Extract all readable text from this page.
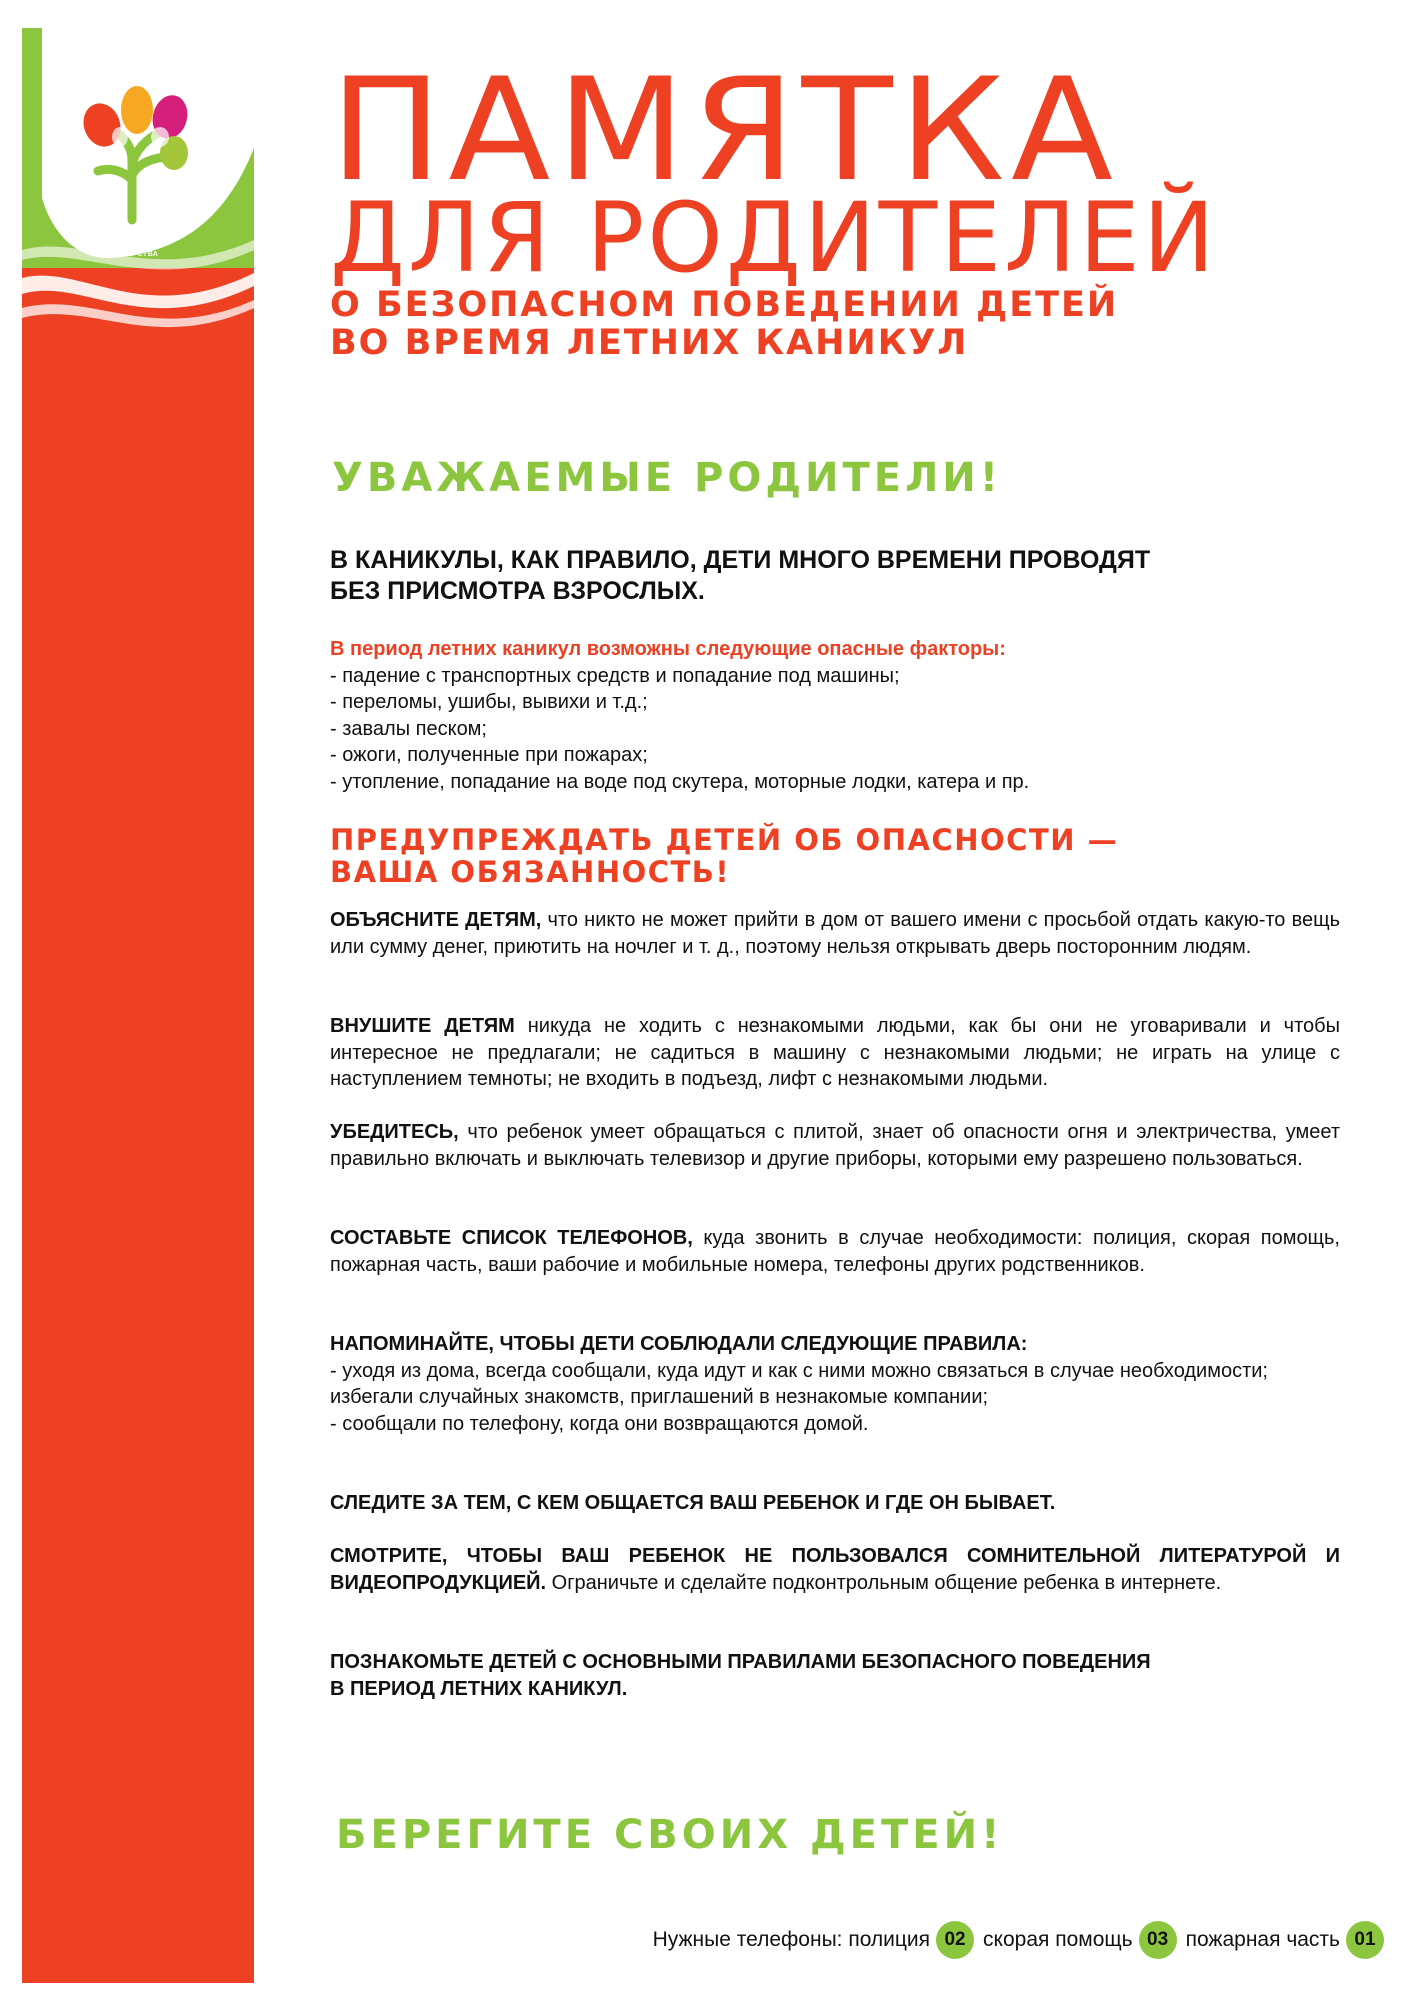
ЦЕНТР
СЕМЕЙНОГО
МАСТЕРСТВА
ПАМЯТКА
ДЛЯ РОДИТЕЛЕЙ
О БЕЗОПАСНОМ ПОВЕДЕНИИ ДЕТЕЙ
ВО ВРЕМЯ ЛЕТНИХ КАНИКУЛ
УВАЖАЕМЫЕ РОДИТЕЛИ!
В КАНИКУЛЫ, КАК ПРАВИЛО, ДЕТИ МНОГО ВРЕМЕНИ ПРОВОДЯТ
БЕЗ ПРИСМОТРА ВЗРОСЛЫХ.
В период летних каникул возможны следующие опасные факторы:
- падение с транспортных средств и попадание под машины;
- переломы, ушибы, вывихи и т.д.;
- завалы песком;
- ожоги, полученные при пожарах;
- утопление, попадание на воде под скутера, моторные лодки, катера и пр.
ПРЕДУПРЕЖДАТЬ ДЕТЕЙ ОБ ОПАСНОСТИ —
ВАША ОБЯЗАННОСТЬ!
ОБЪЯСНИТЕ ДЕТЯМ, что никто не может прийти в дом от вашего имени с просьбой отдать какую-то вещь или сумму денег, приютить на ночлег и т. д., поэтому нельзя открывать дверь посторонним людям.
ВНУШИТЕ ДЕТЯМ никуда не ходить с незнакомыми людьми, как бы они не уговаривали и чтобы интересное не предлагали; не садиться в машину с незнакомыми людьми; не играть на улице с наступлением темноты; не входить в подъезд, лифт с незнакомыми людьми.
УБЕДИТЕСЬ, что ребенок умеет обращаться с плитой, знает об опасности огня и электричества, умеет правильно включать и выключать телевизор и другие приборы, которыми ему разрешено пользоваться.
СОСТАВЬТЕ СПИСОК ТЕЛЕФОНОВ, куда звонить в случае необходимости: полиция, скорая помощь, пожарная часть, ваши рабочие и мобильные номера, телефоны других родственников.
НАПОМИНАЙТЕ, ЧТОБЫ ДЕТИ СОБЛЮДАЛИ СЛЕДУЮЩИЕ ПРАВИЛА:
- уходя из дома, всегда сообщали, куда идут и как с ними можно связаться в случае необходимости;
избегали случайных знакомств, приглашений в незнакомые компании;
- сообщали по телефону, когда они возвращаются домой.
СЛЕДИТЕ ЗА ТЕМ, С КЕМ ОБЩАЕТСЯ ВАШ РЕБЕНОК И ГДЕ ОН БЫВАЕТ.
СМОТРИТЕ, ЧТОБЫ ВАШ РЕБЕНОК НЕ ПОЛЬЗОВАЛСЯ СОМНИТЕЛЬНОЙ ЛИТЕРАТУРОЙ И ВИДЕОПРОДУКЦИЕЙ. Ограничьте и сделайте подконтрольным общение ребенка в интернете.
ПОЗНАКОМЬТЕ ДЕТЕЙ С ОСНОВНЫМИ ПРАВИЛАМИ БЕЗОПАСНОГО ПОВЕДЕНИЯ
В ПЕРИОД ЛЕТНИХ КАНИКУЛ.
БЕРЕГИТЕ СВОИХ ДЕТЕЙ!
Нужные телефоны: полиция 02 скорая помощь 03 пожарная часть 01
